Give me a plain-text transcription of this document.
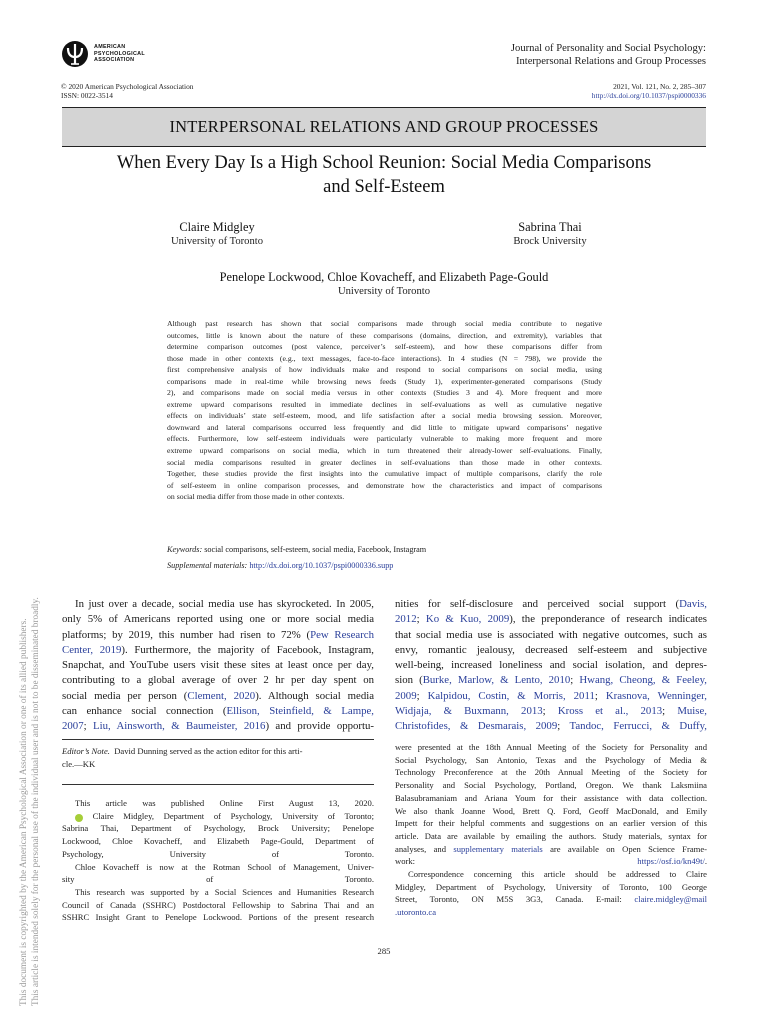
AMERICAN
PSYCHOLOGICAL
ASSOCIATION
Journal of Personality and Social Psychology:
Interpersonal Relations and Group Processes
© 2020 American Psychological Association
ISSN: 0022-3514
2021, Vol. 121, No. 2, 285–307
http://dx.doi.org/10.1037/pspi0000336
INTERPERSONAL RELATIONS AND GROUP PROCESSES
When Every Day Is a High School Reunion: Social Media Comparisons
and Self-Esteem
Claire Midgley
University of Toronto
Sabrina Thai
Brock University
Penelope Lockwood, Chloe Kovacheff, and Elizabeth Page-Gould
University of Toronto
Although past research has shown that social comparisons made through social media contribute to negative
outcomes, little is known about the nature of these comparisons (domains, direction, and extremity), variables that
determine comparison outcomes (post valence, perceiver’s self-esteem), and how these comparisons differ from
those made in other contexts (e.g., text messages, face-to-face interactions). In 4 studies (N = 798), we provide the
first comprehensive analysis of how individuals make and respond to social comparisons on social media, using
comparisons made in real-time while browsing news feeds (Study 1), experimenter-generated comparisons (Study
2), and comparisons made on social media versus in other contexts (Studies 3 and 4). More frequent and more
extreme upward comparisons resulted in immediate declines in self-evaluations as well as cumulative negative
effects on individuals’ state self-esteem, mood, and life satisfaction after a social media browsing session. Moreover,
downward and lateral comparisons occurred less frequently and did little to mitigate upward comparisons’ negative
effects. Furthermore, low self-esteem individuals were particularly vulnerable to making more frequent and more
extreme upward comparisons on social media, which in turn threatened their already-lower self-evaluations. Finally,
social media comparisons resulted in greater declines in self-evaluations than those made in other contexts.
Together, these studies provide the first insights into the cumulative impact of multiple comparisons, clarify the role
of self-esteem in online comparison processes, and demonstrate how the characteristics and impact of comparisons
on social media differ from those made in other contexts.
Keywords: social comparisons, self-esteem, social media, Facebook, Instagram
Supplemental materials: http://dx.doi.org/10.1037/pspi0000336.supp
In just over a decade, social media use has skyrocketed. In 2005,
only 5% of Americans reported using one or more social media
platforms; by 2019, this number had risen to 72% (Pew Research
Center, 2019). Furthermore, the majority of Facebook, Instagram,
Snapchat, and YouTube users visit these sites at least once per day,
contributing to a global average of over 2 hr per day spent on
social media per person (Clement, 2020). Although social media
can enhance social connection (Ellison, Steinfield, & Lampe,
2007; Liu, Ainsworth, & Baumeister, 2016) and provide opportu-
nities for self-disclosure and perceived social support (Davis,
2012; Ko & Kuo, 2009), the preponderance of research indicates
that social media use is associated with negative outcomes, such as
envy, romantic jealousy, decreased self-esteem and subjective
well-being, increased loneliness and social isolation, and depres-
sion (Burke, Marlow, & Lento, 2010; Hwang, Cheong, & Feeley,
2009; Kalpidou, Costin, & Morris, 2011; Krasnova, Wenninger,
Widjaja, & Buxmann, 2013; Kross et al., 2013; Muise,
Christofides, & Desmarais, 2009; Tandoc, Ferrucci, & Duffy,

Editor’s Note. David Dunning served as the action editor for this arti-

cle.—KK

This article was published Online First August 13, 2020.
iD Claire Midgley, Department of Psychology, University of Toronto;
Sabrina Thai, Department of Psychology, Brock University; Penelope
Lockwood, Chloe Kovacheff, and Elizabeth Page-Gould, Department of
Psychology, University of Toronto.
Chloe Kovacheff is now at the Rotman School of Management, Univer-
sity of Toronto.
This research was supported by a Social Sciences and Humanities Research
Council of Canada (SSHRC) Postdoctoral Fellowship to Sabrina Thai and an
SSHRC Insight Grant to Penelope Lockwood. Portions of the present research
were presented at the 18th Annual Meeting of the Society for Personality and
Social Psychology, San Antonio, Texas and the Psychology of Media &
Technology Preconference at the 20th Annual Meeting of the Society for
Personality and Social Psychology, Portland, Oregon. We thank Laksmiina
Balasubramaniam and Ariana Youm for their assistance with data collection.
We also thank Joanne Wood, Brett Q. Ford, Geoff MacDonald, and Emily
Impett for their helpful comments and suggestions on an earlier version of this
article. Data are available by emailing the authors. Study materials, syntax for
analyses, and supplementary materials are available on Open Science Frame-
work: https://osf.io/kn49t/.
Correspondence concerning this article should be addressed to Claire
Midgley, Department of Psychology, University of Toronto, 100 George
Street, Toronto, ON M5S 3G3, Canada. E-mail: claire.midgley@mail
.utoronto.ca
285
This document is copyrighted by the American Psychological Association or one of its allied publishers. This article is intended solely for the personal use of the individual user and is not to be disseminated broadly.
